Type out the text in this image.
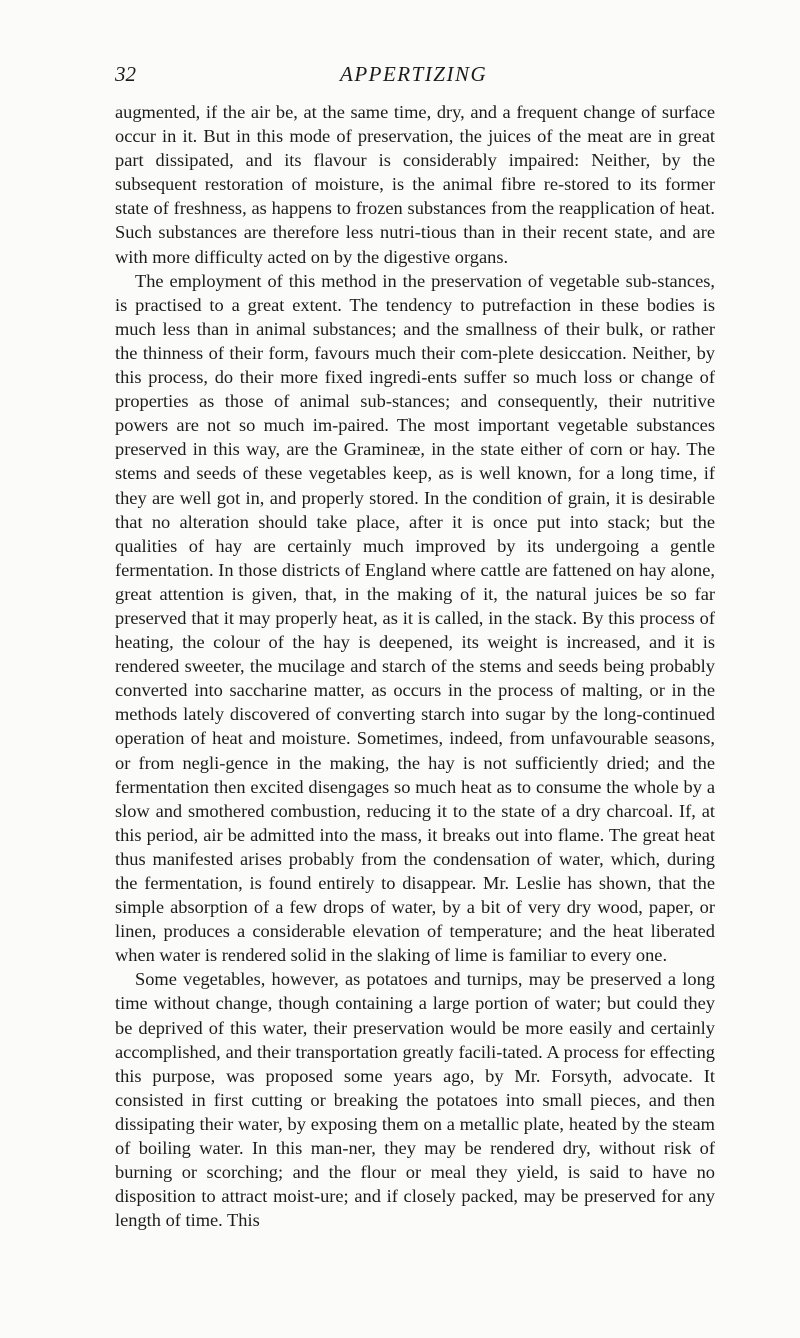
32	APPERTIZING

augmented, if the air be, at the same time, dry, and a frequent change of surface occur in it. But in this mode of preservation, the juices of the meat are in great part dissipated, and its flavour is considerably impaired: Neither, by the subsequent restoration of moisture, is the animal fibre re-stored to its former state of freshness, as happens to frozen substances from the reapplication of heat. Such substances are therefore less nutri-tious than in their recent state, and are with more difficulty acted on by the digestive organs.

The employment of this method in the preservation of vegetable sub-stances, is practised to a great extent. The tendency to putrefaction in these bodies is much less than in animal substances; and the smallness of their bulk, or rather the thinness of their form, favours much their com-plete desiccation. Neither, by this process, do their more fixed ingredi-ents suffer so much loss or change of properties as those of animal sub-stances; and consequently, their nutritive powers are not so much im-paired. The most important vegetable substances preserved in this way, are the Gramineæ, in the state either of corn or hay. The stems and seeds of these vegetables keep, as is well known, for a long time, if they are well got in, and properly stored. In the condition of grain, it is desirable that no alteration should take place, after it is once put into stack; but the qualities of hay are certainly much improved by its undergoing a gentle fermentation. In those districts of England where cattle are fattened on hay alone, great attention is given, that, in the making of it, the natural juices be so far preserved that it may properly heat, as it is called, in the stack. By this process of heating, the colour of the hay is deepened, its weight is increased, and it is rendered sweeter, the mucilage and starch of the stems and seeds being probably converted into saccharine matter, as occurs in the process of malting, or in the methods lately discovered of converting starch into sugar by the long-continued operation of heat and moisture. Sometimes, indeed, from unfavourable seasons, or from negli-gence in the making, the hay is not sufficiently dried; and the fermentation then excited disengages so much heat as to consume the whole by a slow and smothered combustion, reducing it to the state of a dry charcoal. If, at this period, air be admitted into the mass, it breaks out into flame. The great heat thus manifested arises probably from the condensation of water, which, during the fermentation, is found entirely to disappear. Mr. Leslie has shown, that the simple absorption of a few drops of water, by a bit of very dry wood, paper, or linen, produces a considerable elevation of temperature; and the heat liberated when water is rendered solid in the slaking of lime is familiar to every one.

Some vegetables, however, as potatoes and turnips, may be preserved a long time without change, though containing a large portion of water; but could they be deprived of this water, their preservation would be more easily and certainly accomplished, and their transportation greatly facili-tated. A process for effecting this purpose, was proposed some years ago, by Mr. Forsyth, advocate. It consisted in first cutting or breaking the potatoes into small pieces, and then dissipating their water, by exposing them on a metallic plate, heated by the steam of boiling water. In this man-ner, they may be rendered dry, without risk of burning or scorching; and the flour or meal they yield, is said to have no disposition to attract moist-ure; and if closely packed, may be preserved for any length of time. This
